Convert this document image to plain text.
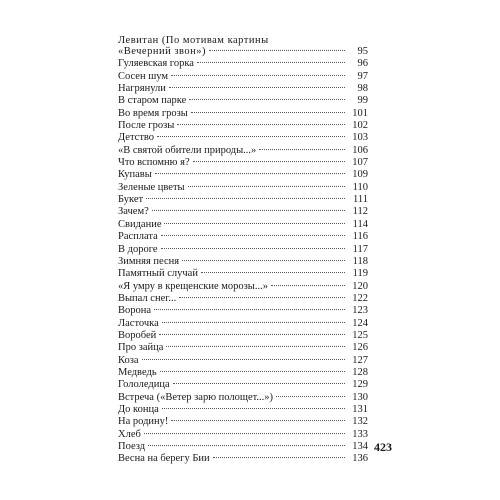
Левитан (По мотивам картины
«Вечерний звон»)	95
Гуляевская горка	96
Сосен шум	97
Нагрянули	98
В старом парке	99
Во время грозы	101
После грозы	102
Детство	103
«В святой обители природы...»	106
Что вспомню я?	107
Купавы	109
Зеленые цветы	110
Букет	111
Зачем?	112
Свидание	114
Расплата	116
В дороге	117
Зимняя песня	118
Памятный случай	119
«Я умру в крещенские морозы...»	120
Выпал снег...	122
Ворона	123
Ласточка	124
Воробей	125
Про зайца	126
Коза	127
Медведь	128
Гололедица	129
Встреча («Ветер зарю полощет...»)	130
До конца	131
На родину!	132
Хлеб	133
Поезд	134
Весна на берегу Бии	136
423
